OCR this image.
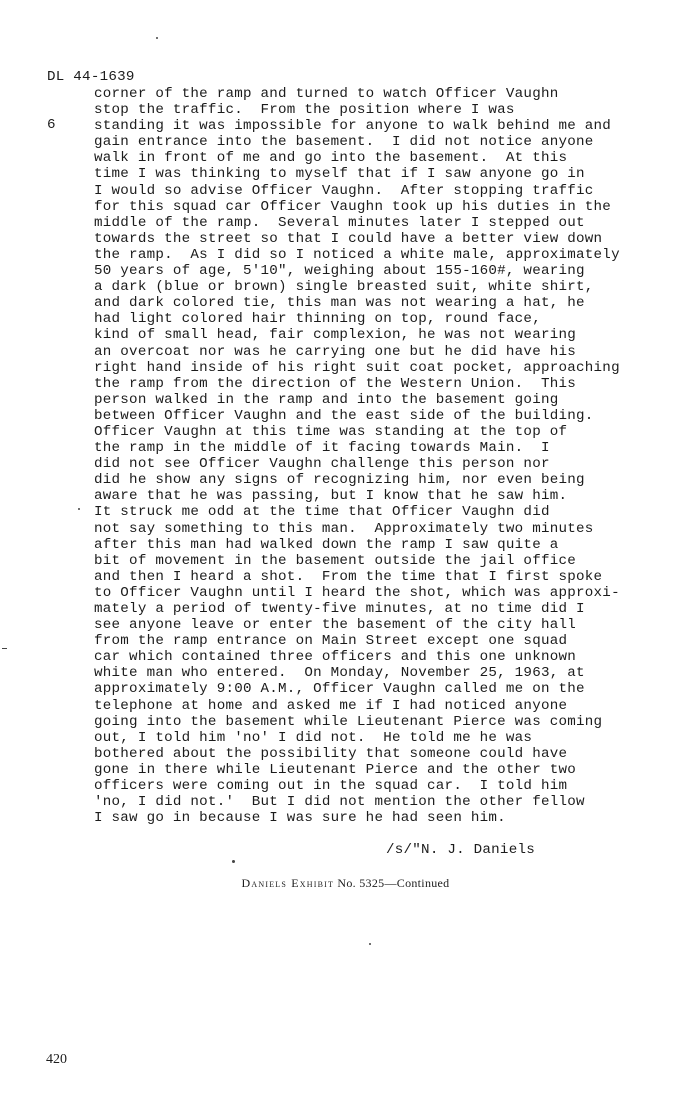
DL 44-1639

6

corner of the ramp and turned to watch Officer Vaughn
stop the traffic.  From the position where I was
standing it was impossible for anyone to walk behind me and
gain entrance into the basement.  I did not notice anyone
walk in front of me and go into the basement.  At this
time I was thinking to myself that if I saw anyone go in
I would so advise Officer Vaughn.  After stopping traffic
for this squad car Officer Vaughn took up his duties in the
middle of the ramp.  Several minutes later I stepped out
towards the street so that I could have a better view down
the ramp.  As I did so I noticed a white male, approximately
50 years of age, 5'10", weighing about 155-160#, wearing
a dark (blue or brown) single breasted suit, white shirt,
and dark colored tie, this man was not wearing a hat, he
had light colored hair thinning on top, round face,
kind of small head, fair complexion, he was not wearing
an overcoat nor was he carrying one but he did have his
right hand inside of his right suit coat pocket, approaching
the ramp from the direction of the Western Union.  This
person walked in the ramp and into the basement going
between Officer Vaughn and the east side of the building.
Officer Vaughn at this time was standing at the top of
the ramp in the middle of it facing towards Main.  I
did not see Officer Vaughn challenge this person nor
did he show any signs of recognizing him, nor even being
aware that he was passing, but I know that he saw him.
It struck me odd at the time that Officer Vaughn did
not say something to this man.  Approximately two minutes
after this man had walked down the ramp I saw quite a
bit of movement in the basement outside the jail office
and then I heard a shot.  From the time that I first spoke
to Officer Vaughn until I heard the shot, which was approxi-
mately a period of twenty-five minutes, at no time did I
see anyone leave or enter the basement of the city hall
from the ramp entrance on Main Street except one squad
car which contained three officers and this one unknown
white man who entered.  On Monday, November 25, 1963, at
approximately 9:00 A.M., Officer Vaughn called me on the
telephone at home and asked me if I had noticed anyone
going into the basement while Lieutenant Pierce was coming
out, I told him 'no' I did not.  He told me he was
bothered about the possibility that someone could have
gone in there while Lieutenant Pierce and the other two
officers were coming out in the squad car.  I told him
'no, I did not.'  But I did not mention the other fellow
I saw go in because I was sure he had seen him.
/s/"N. J. Daniels
Daniels Exhibit No. 5325—Continued
420
